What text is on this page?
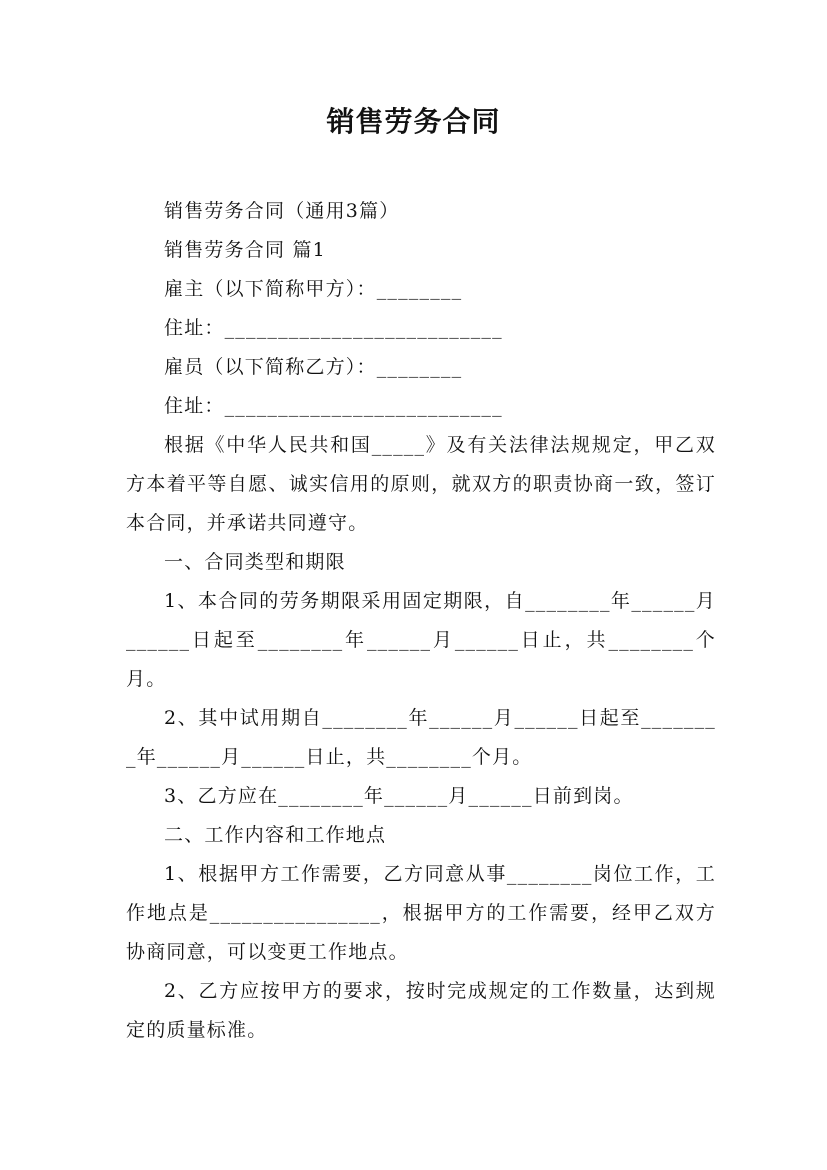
销售劳务合同

销售劳务合同（通用3篇）

销售劳务合同 篇1

雇主（以下简称甲方）：________

住址：__________________________

雇员（以下简称乙方）：________

住址：__________________________

根据《中华人民共和国_____》及有关法律法规规定，甲乙双方本着平等自愿、诚实信用的原则，就双方的职责协商一致，签订本合同，并承诺共同遵守。

一、合同类型和期限

1、本合同的劳务期限采用固定期限，自________年______月______日起至________年______月______日止，共________个月。

2、其中试用期自________年______月______日起至________年______月______日止，共________个月。

3、乙方应在________年______月______日前到岗。

二、工作内容和工作地点

1、根据甲方工作需要，乙方同意从事________岗位工作，工作地点是________________，根据甲方的工作需要，经甲乙双方协商同意，可以变更工作地点。

2、乙方应按甲方的要求，按时完成规定的工作数量，达到规定的质量标准。
